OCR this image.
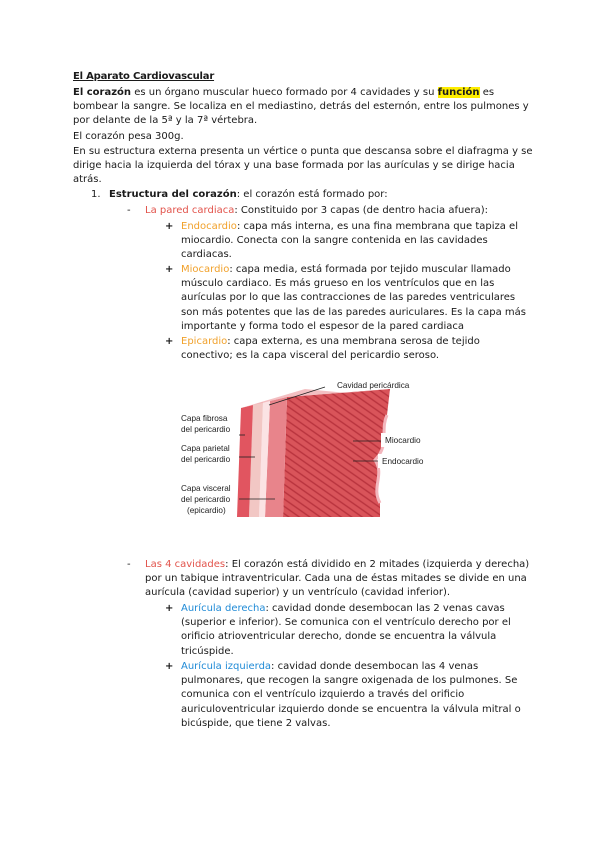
El Aparato Cardiovascular
El corazón es un órgano muscular hueco formado por 4 cavidades y su función es bombear la sangre. Se localiza en el mediastino, detrás del esternón, entre los pulmones y por delante de la 5ª y la 7ª vértebra.
El corazón pesa 300g.
En su estructura externa presenta un vértice o punta que descansa sobre el diafragma y se dirige hacia la izquierda del tórax y una base formada por las aurículas y se dirige hacia atrás.
1. Estructura del corazón: el corazón está formado por:
- La pared cardiaca: Constituido por 3 capas (de dentro hacia afuera):
+ Endocardio: capa más interna, es una fina membrana que tapiza el miocardio. Conecta con la sangre contenida en las cavidades cardiacas.
+ Miocardio: capa media, está formada por tejido muscular llamado músculo cardiaco. Es más grueso en los ventrículos que en las aurículas por lo que las contracciones de las paredes ventriculares son más potentes que las de las paredes auriculares. Es la capa más importante y forma todo el espesor de la pared cardiaca
+ Epicardio: capa externa, es una membrana serosa de tejido conectivo; es la capa visceral del pericardio seroso.
Cavidad pericárdica
Capa fibrosa
del pericardio
Capa parietal
del pericardio
Capa visceral
del pericardio
(epicardio)
Miocardio
Endocardio
- Las 4 cavidades: El corazón está dividido en 2 mitades (izquierda y derecha) por un tabique intraventricular. Cada una de éstas mitades se divide en una aurícula (cavidad superior) y un ventrículo (cavidad inferior).
+ Aurícula derecha: cavidad donde desembocan las 2 venas cavas (superior e inferior). Se comunica con el ventrículo derecho por el orificio atrioventricular derecho, donde se encuentra la válvula tricúspide.
+ Aurícula izquierda: cavidad donde desembocan las 4 venas pulmonares, que recogen la sangre oxigenada de los pulmones. Se comunica con el ventrículo izquierdo a través del orificio auriculoventricular izquierdo donde se encuentra la válvula mitral o bicúspide, que tiene 2 valvas.
